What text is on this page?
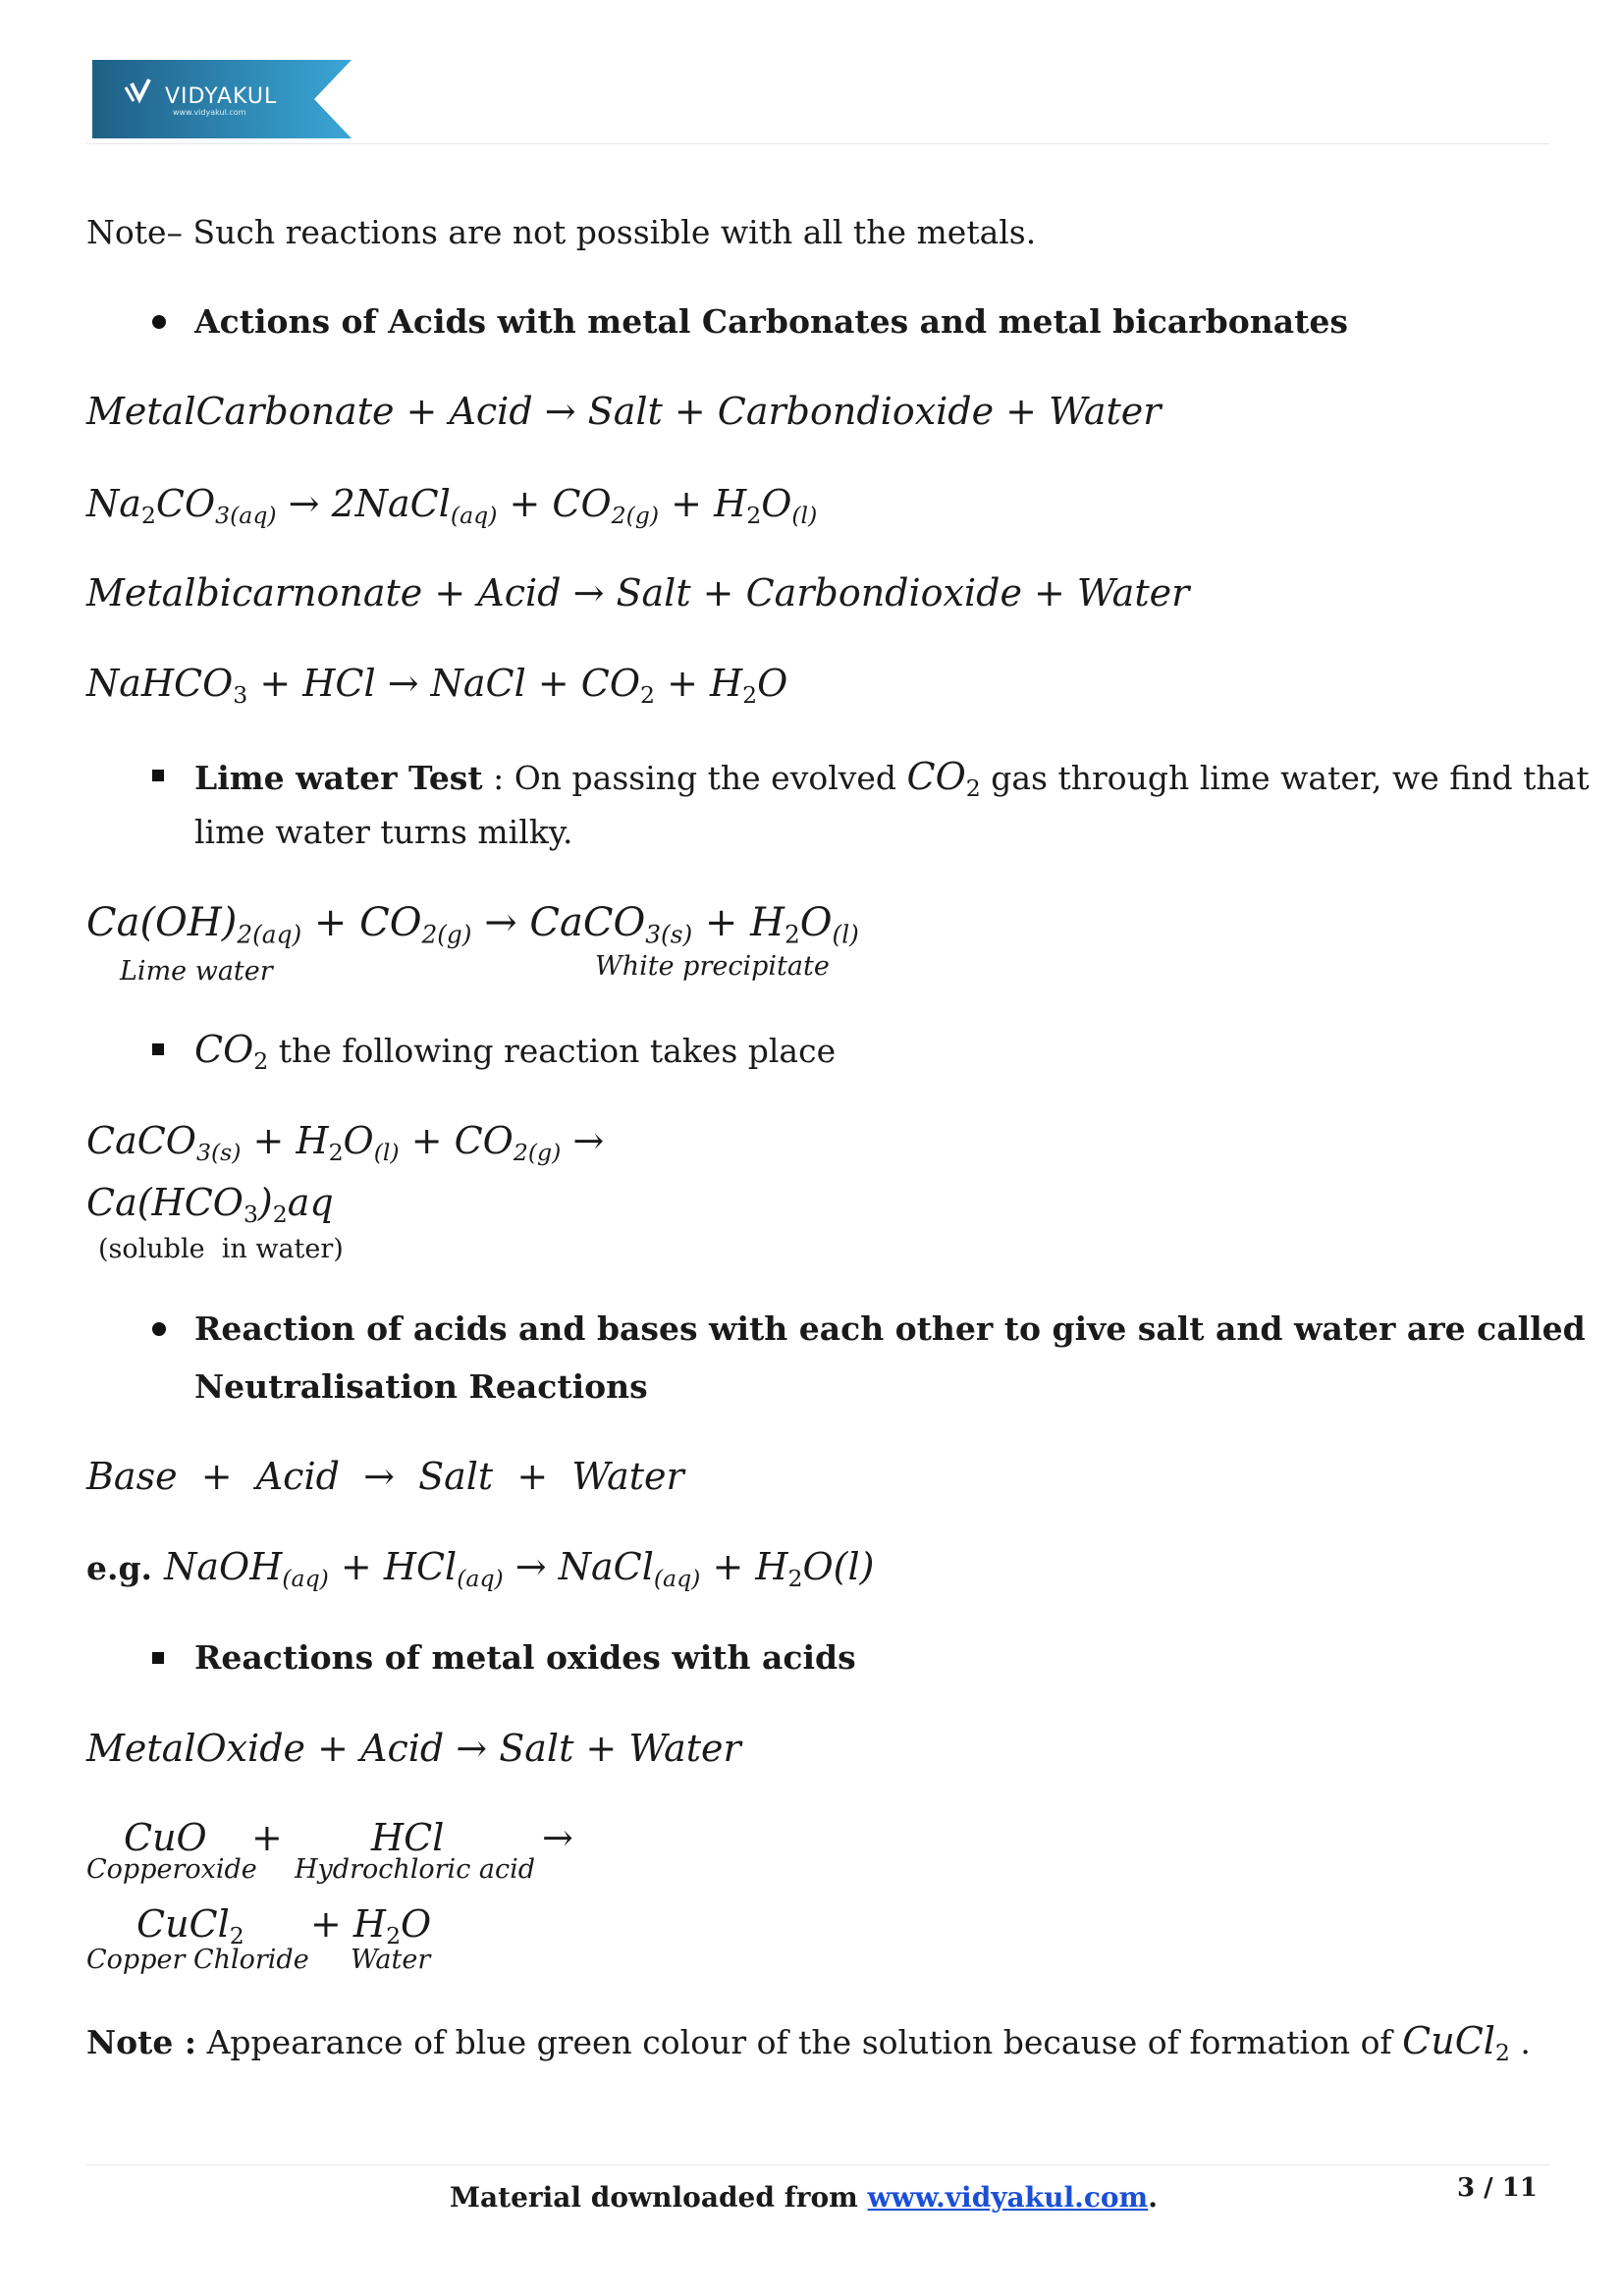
VIDYAKUL
www.vidyakul.com
Note– Such reactions are not possible with all the metals.
Actions of Acids with metal Carbonates and metal bicarbonates
MetalCarbonate + Acid → Salt + Carbondioxide + Water
$Na_2CO_{3(aq)}$ → 2NaCl$_{(aq)}$ + $CO_{2(g)} + H_2O_{(l)}$
Metalbicarnonate + Acid → Salt + Carbondioxide + Water
NaHCO$_3$ + HCl → NaCl + $CO_2 + H_2O$
Lime water Test : On passing the evolved $CO_2$ gas through lime water, we find that
lime water turns milky.
$Ca(OH)_{2(aq)} + CO_{2(g)}$ → CaCO$_{3(s)}$ + $H_2O_{(l)}$
Lime water	White precipitate
$CO_2$ the following reaction takes place
CaCO$_{3(s)}$ + $H_2O_{(l)} + CO_{2(g)}$ →
$Ca(HCO_3)_2aq$
(soluble  in water)
Reaction of acids and bases with each other to give salt and water are called
Neutralisation Reactions
Base  +  Acid  →  Salt  +  Water
e.g. NaOH$_{(aq)}$ + HCl$_{(aq)}$ → NaCl$_{(aq)}$ + $H_2O(l)$
Reactions of metal oxides with acids
MetalOxide + Acid → Salt + Water
CuO + HCl	→
Copperoxide Hydrochloric acid
CuCl$_2$ + $H_2O$
Copper Chloride Water
Note : Appearance of blue green colour of the solution because of formation of CuCl$_2$ .
Material downloaded from www.vidyakul.com.	3 / 11
